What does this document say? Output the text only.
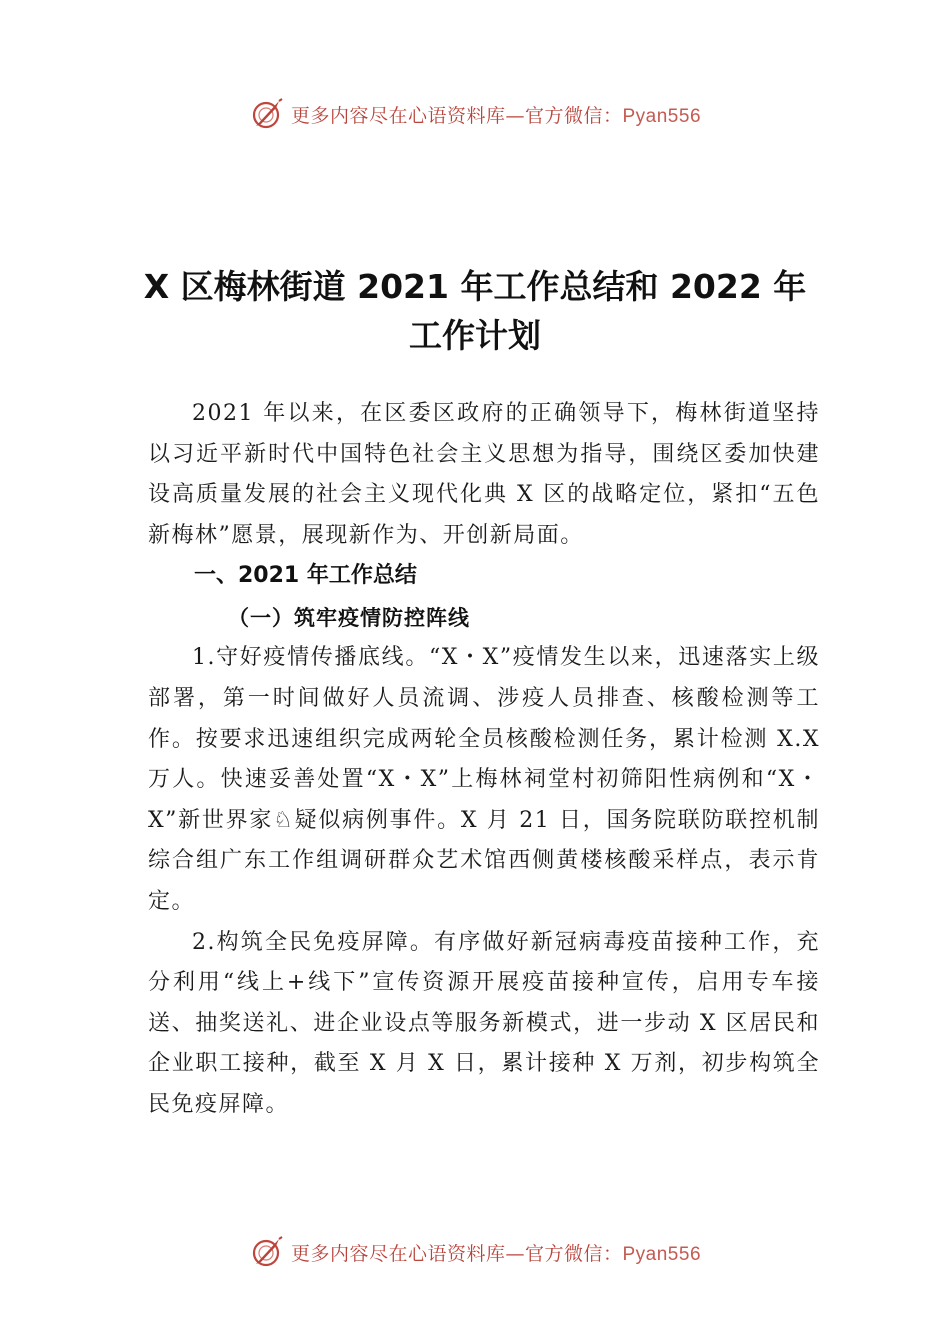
更多内容尽在心语资料库—官方微信：Pyan556
X 区梅林街道 2021 年工作总结和 2022 年
工作计划

2021 年以来，在区委区政府的正确领导下，梅林街道坚持以习近平新时代中国特色社会主义思想为指导，围绕区委加快建设高质量发展的社会主义现代化典 X 区的战略定位，紧扣“五色新梅林”愿景，展现新作为、开创新局面。

一、2021 年工作总结

（一）筑牢疫情防控阵线

1.守好疫情传播底线。“X・X”疫情发生以来，迅速落实上级部署，第一时间做好人员流调、涉疫人员排查、核酸检测等工作。按要求迅速组织完成两轮全员核酸检测任务，累计检测 X.X 万人。快速妥善处置“X・X”上梅林祠堂村初筛阳性病例和“X・X”新世界家♘疑似病例事件。X 月 21 日，国务院联防联控机制综合组广东工作组调研群众艺术馆西侧黄楼核酸采样点，表示肯定。

2.构筑全民免疫屏障。有序做好新冠病毒疫苗接种工作，充分利用“线上+线下”宣传资源开展疫苗接种宣传，启用专车接送、抽奖送礼、进企业设点等服务新模式，进一步动 X 区居民和企业职工接种，截至 X 月 X 日，累计接种 X 万剂，初步构筑全民免疫屏障。

更多内容尽在心语资料库—官方微信：Pyan556
